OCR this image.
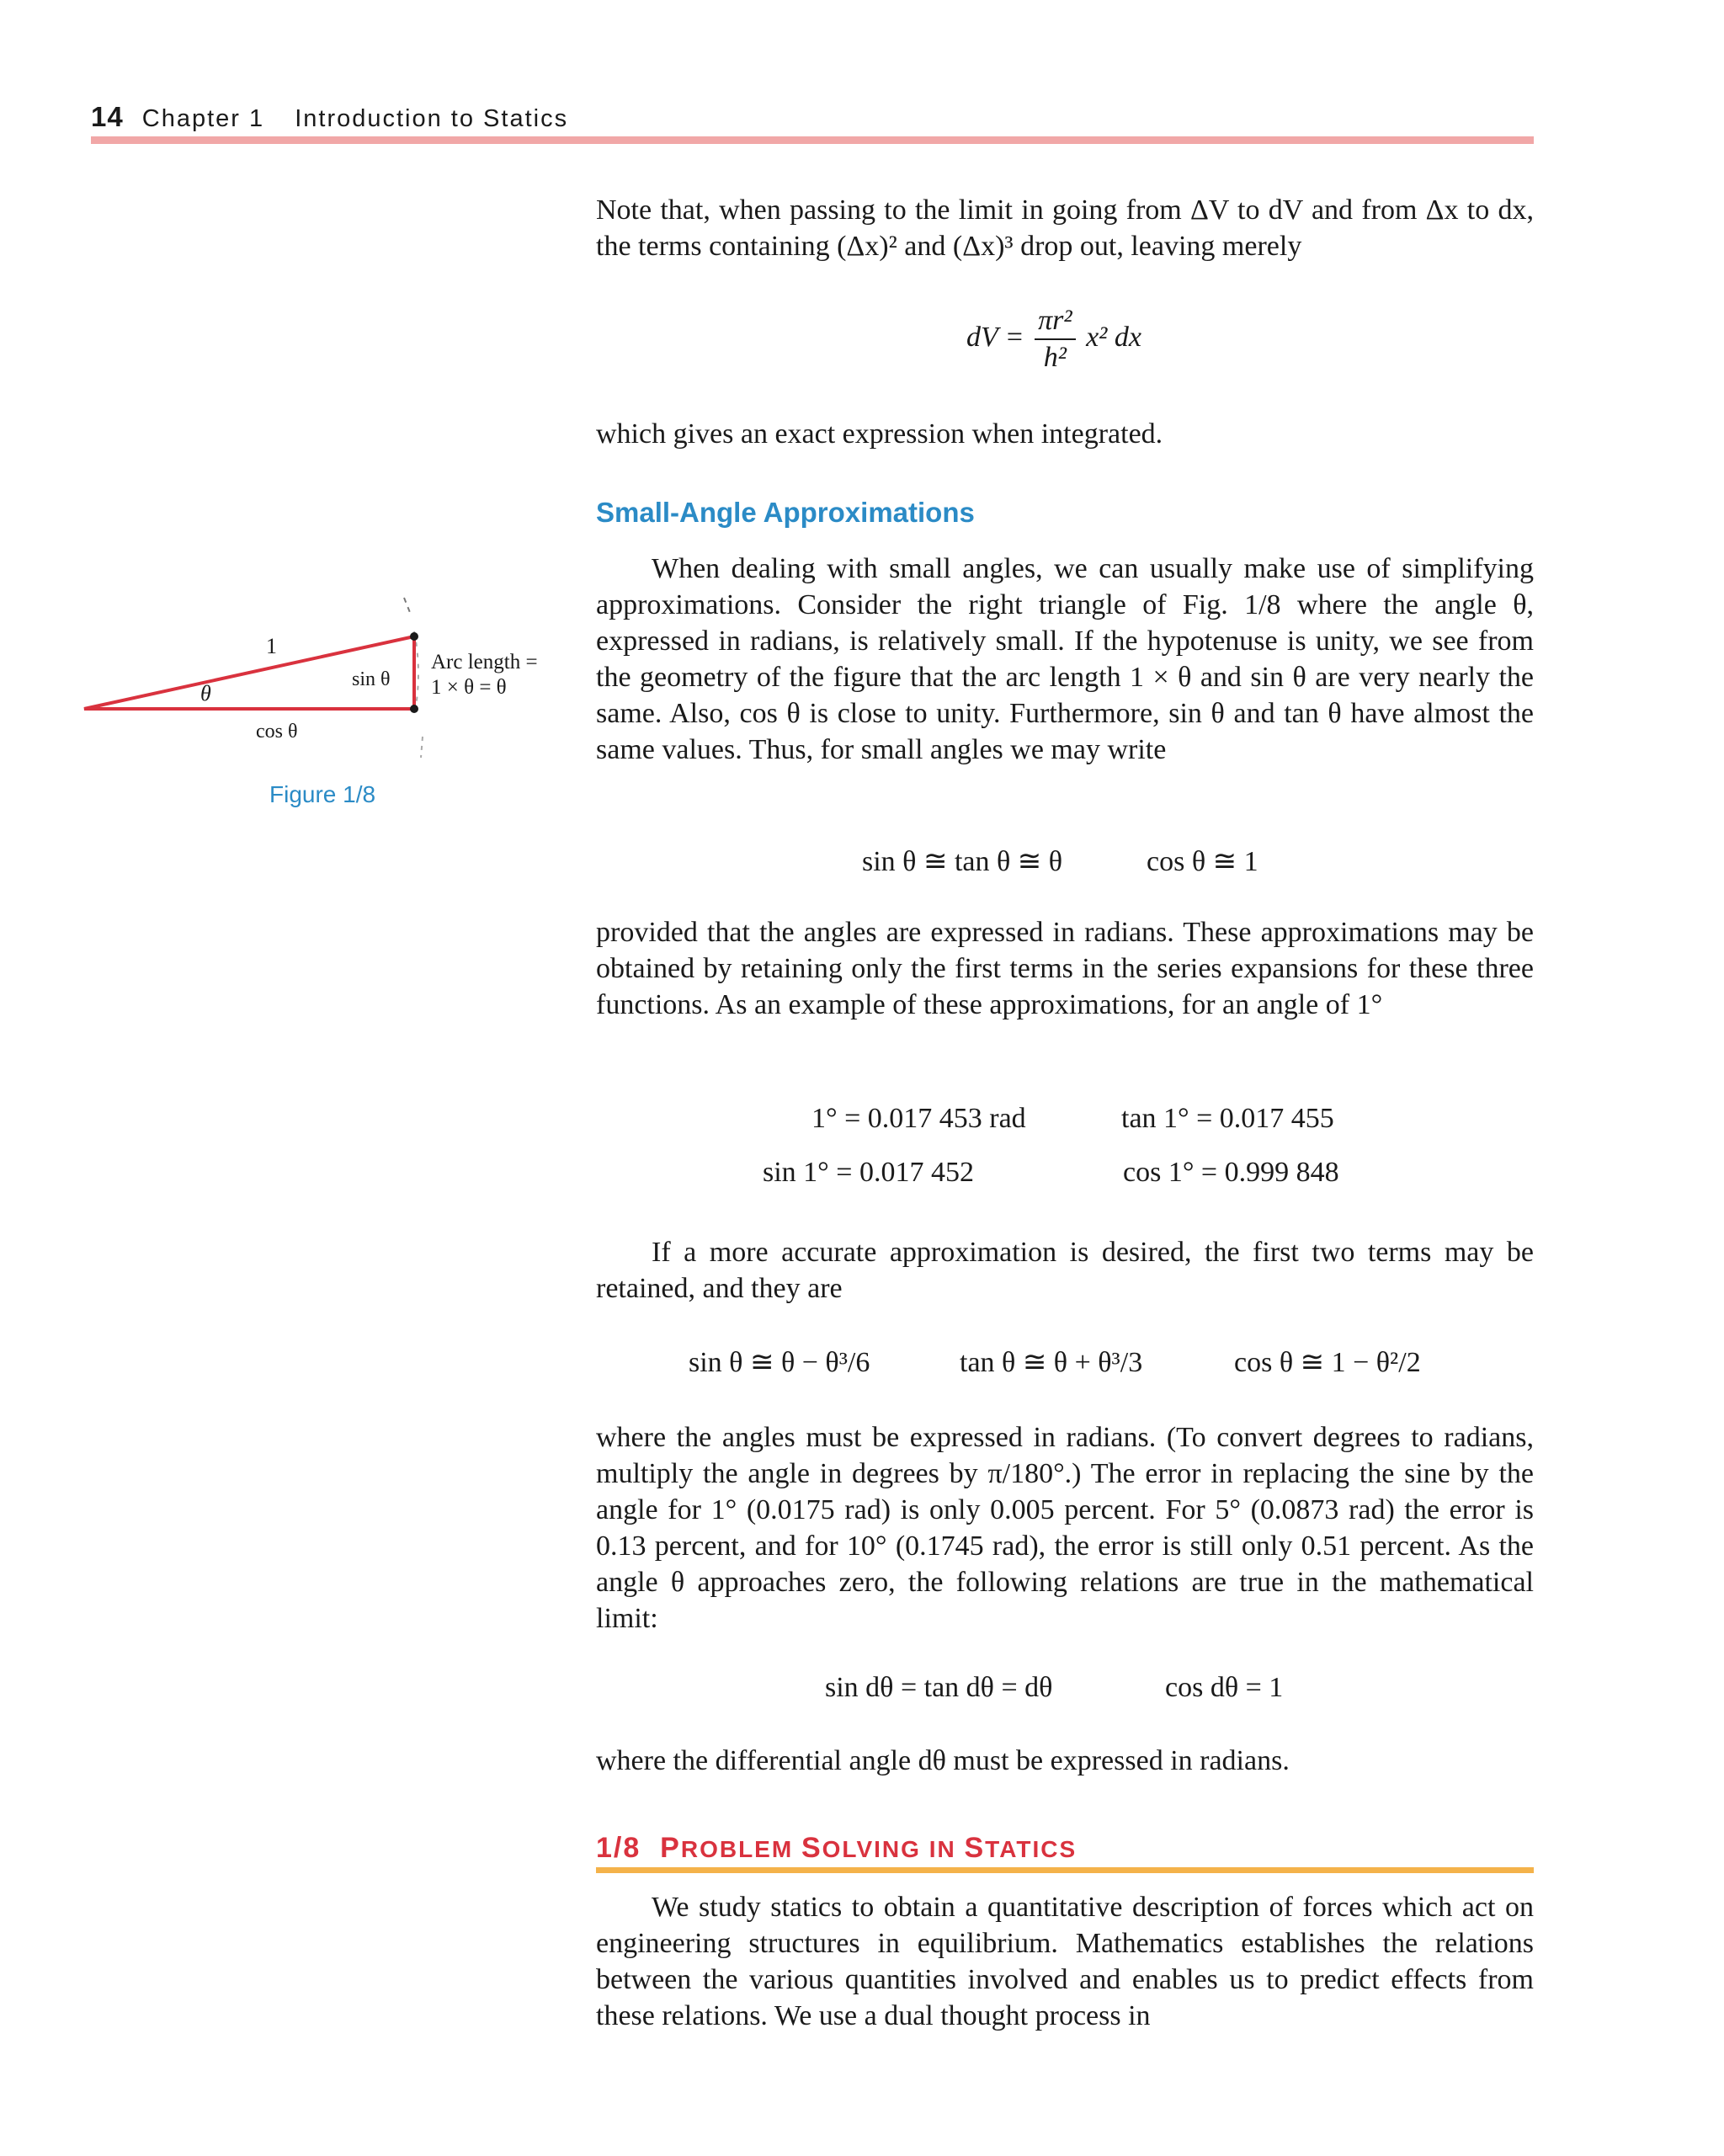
14 Chapter 1 Introduction to Statics

Note that, when passing to the limit in going from ΔV to dV and from Δx to dx, the terms containing (Δx)² and (Δx)³ drop out, leaving merely

dV = $\frac{\text{πr²}}{\text{h²}} x^2$ dx

which gives an exact expression when integrated.

Small-Angle Approximations

When dealing with small angles, we can usually make use of simplifying approximations. Consider the right triangle of Fig. 1/8 where the angle θ, expressed in radians, is relatively small. If the hypotenuse is unity, we see from the geometry of the figure that the arc length 1 × θ and sin θ are very nearly the same. Also, cos θ is close to unity. Furthermore, sin θ and tan θ have almost the same values. Thus, for small angles we may write

1
θ
cos θ
sin θ
Arc length =
1 × θ = θ
Figure 1/8
sin θ ≅ tan θ ≅ θ	cos θ ≅ 1

provided that the angles are expressed in radians. These approximations may be obtained by retaining only the first terms in the series expansions for these three functions. As an example of these approximations, for an angle of 1°

1° = 0.017 453 rad	tan 1° = 0.017 455
sin 1° = 0.017 452	cos 1° = 0.999 848

If a more accurate approximation is desired, the first two terms may be retained, and they are

sin θ ≅ θ − θ³/6	tan θ ≅ θ + θ³/3	cos θ ≅ 1 − θ²/2

where the angles must be expressed in radians. (To convert degrees to radians, multiply the angle in degrees by π/180°.) The error in replacing the sine by the angle for 1° (0.0175 rad) is only 0.005 percent. For 5° (0.0873 rad) the error is 0.13 percent, and for 10° (0.1745 rad), the error is still only 0.51 percent. As the angle θ approaches zero, the following relations are true in the mathematical limit:

sin dθ = tan dθ = dθ	cos dθ = 1

where the differential angle dθ must be expressed in radians.

1/8 PROBLEM SOLVING IN STATICS

We study statics to obtain a quantitative description of forces which act on engineering structures in equilibrium. Mathematics establishes the relations between the various quantities involved and enables us to predict effects from these relations. We use a dual thought process in
